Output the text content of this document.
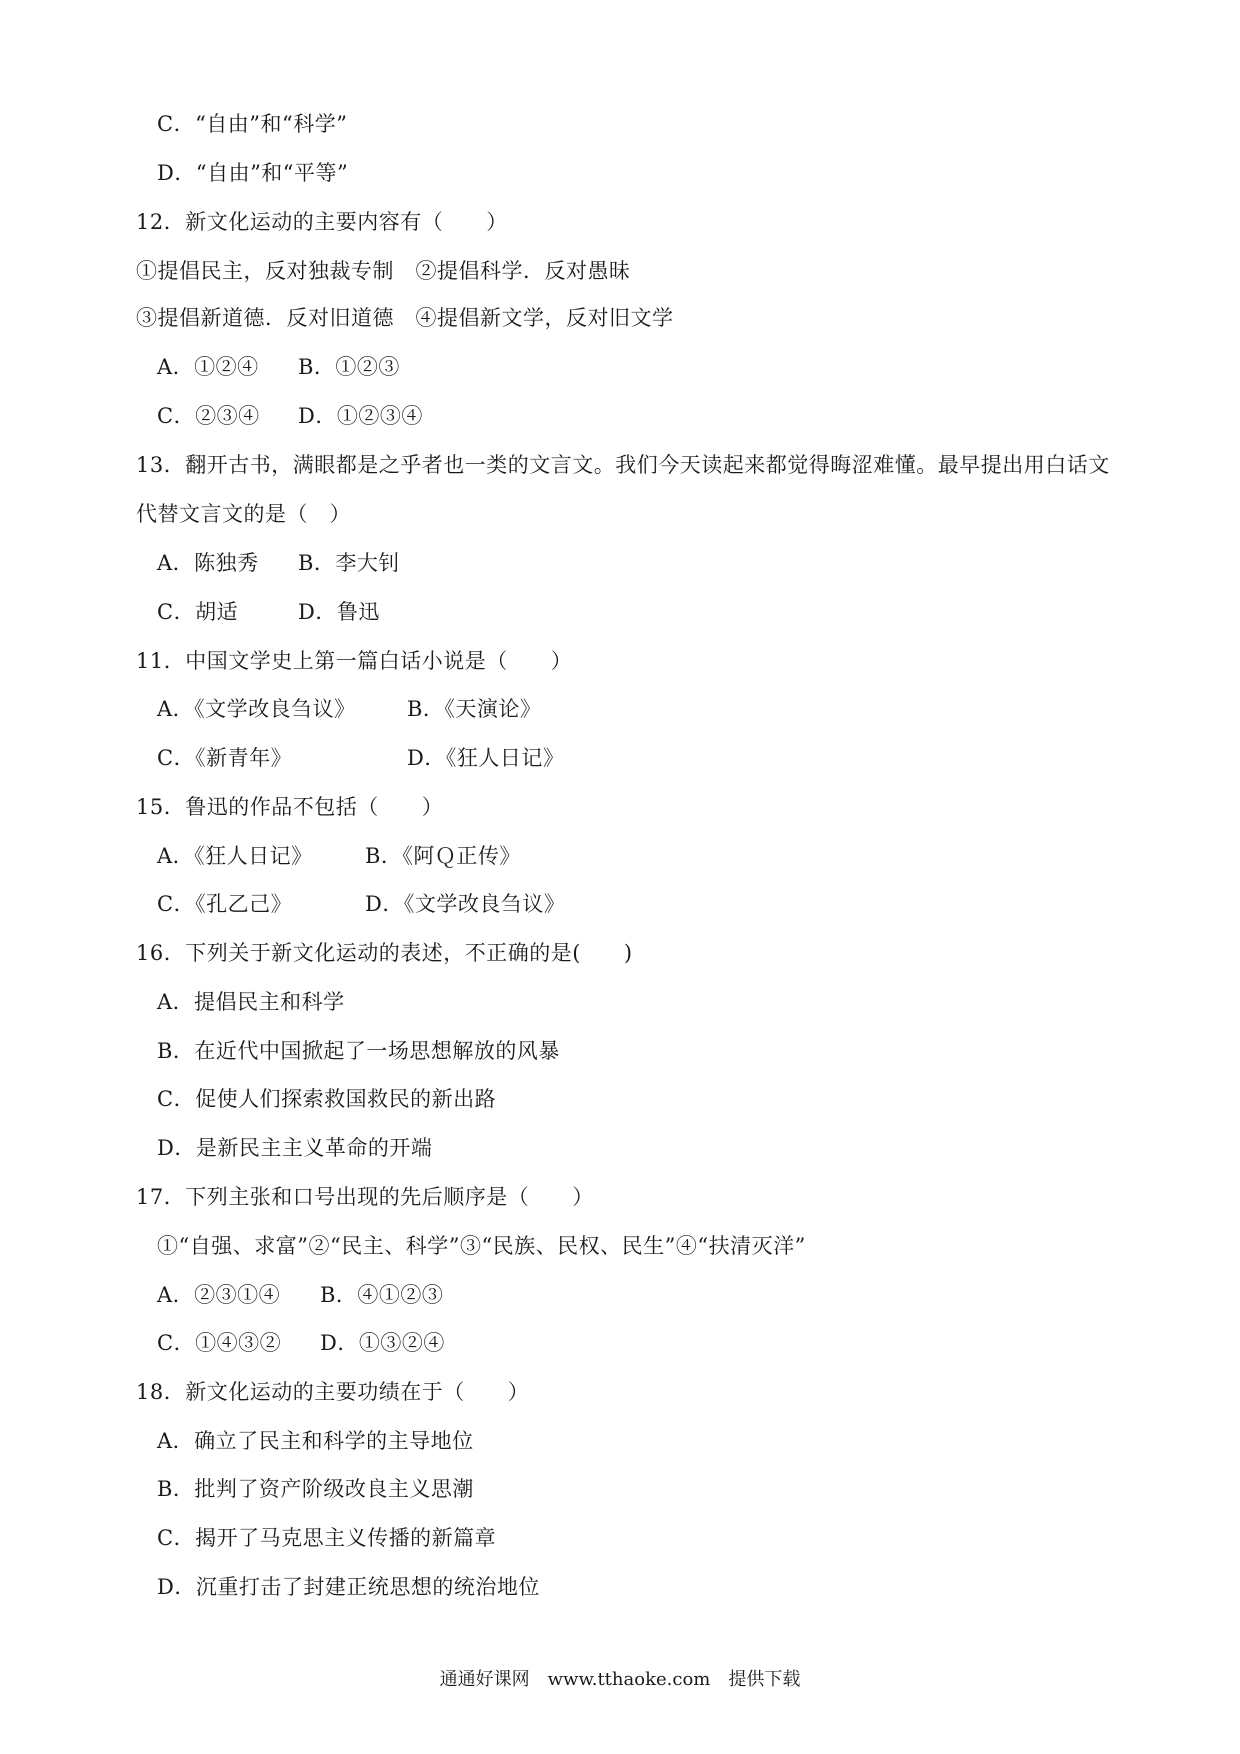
C．“自由”和“科学”
D．“自由”和“平等”
12．新文化运动的主要内容有（　　）
①提倡民主，反对独裁专制　②提倡科学．反对愚昧
③提倡新道德．反对旧道德　④提倡新文学，反对旧文学
A．①②④ B．①②③
C．②③④ D．①②③④
13．翻开古书，满眼都是之乎者也一类的文言文。我们今天读起来都觉得晦涩难懂。最早提出用白话文
代替文言文的是（　）
A．陈独秀 B．李大钊
C．胡适	D．鲁迅
11．中国文学史上第一篇白话小说是（　　）
A．《文学改良刍议》 B．《天演论》
C．《新青年》	D．《狂人日记》
15．鲁迅的作品不包括（　　）
A．《狂人日记》 B．《阿Ｑ正传》
C．《孔乙己》	D．《文学改良刍议》
16．下列关于新文化运动的表述，不正确的是(　　)
A．提倡民主和科学
B．在近代中国掀起了一场思想解放的风暴
C．促使人们探索救国救民的新出路
D．是新民主主义革命的开端
17．下列主张和口号出现的先后顺序是（　　）
①“自强、求富”②“民主、科学”③“民族、民权、民生”④“扶清灭洋”
A．②③①④ B．④①②③
C．①④③② D．①③②④
18．新文化运动的主要功绩在于（　　）
A．确立了民主和科学的主导地位
B．批判了资产阶级改良主义思潮
C．揭开了马克思主义传播的新篇章
D．沉重打击了封建正统思想的统治地位
通通好课网　www.tthaoke.com　提供下载
